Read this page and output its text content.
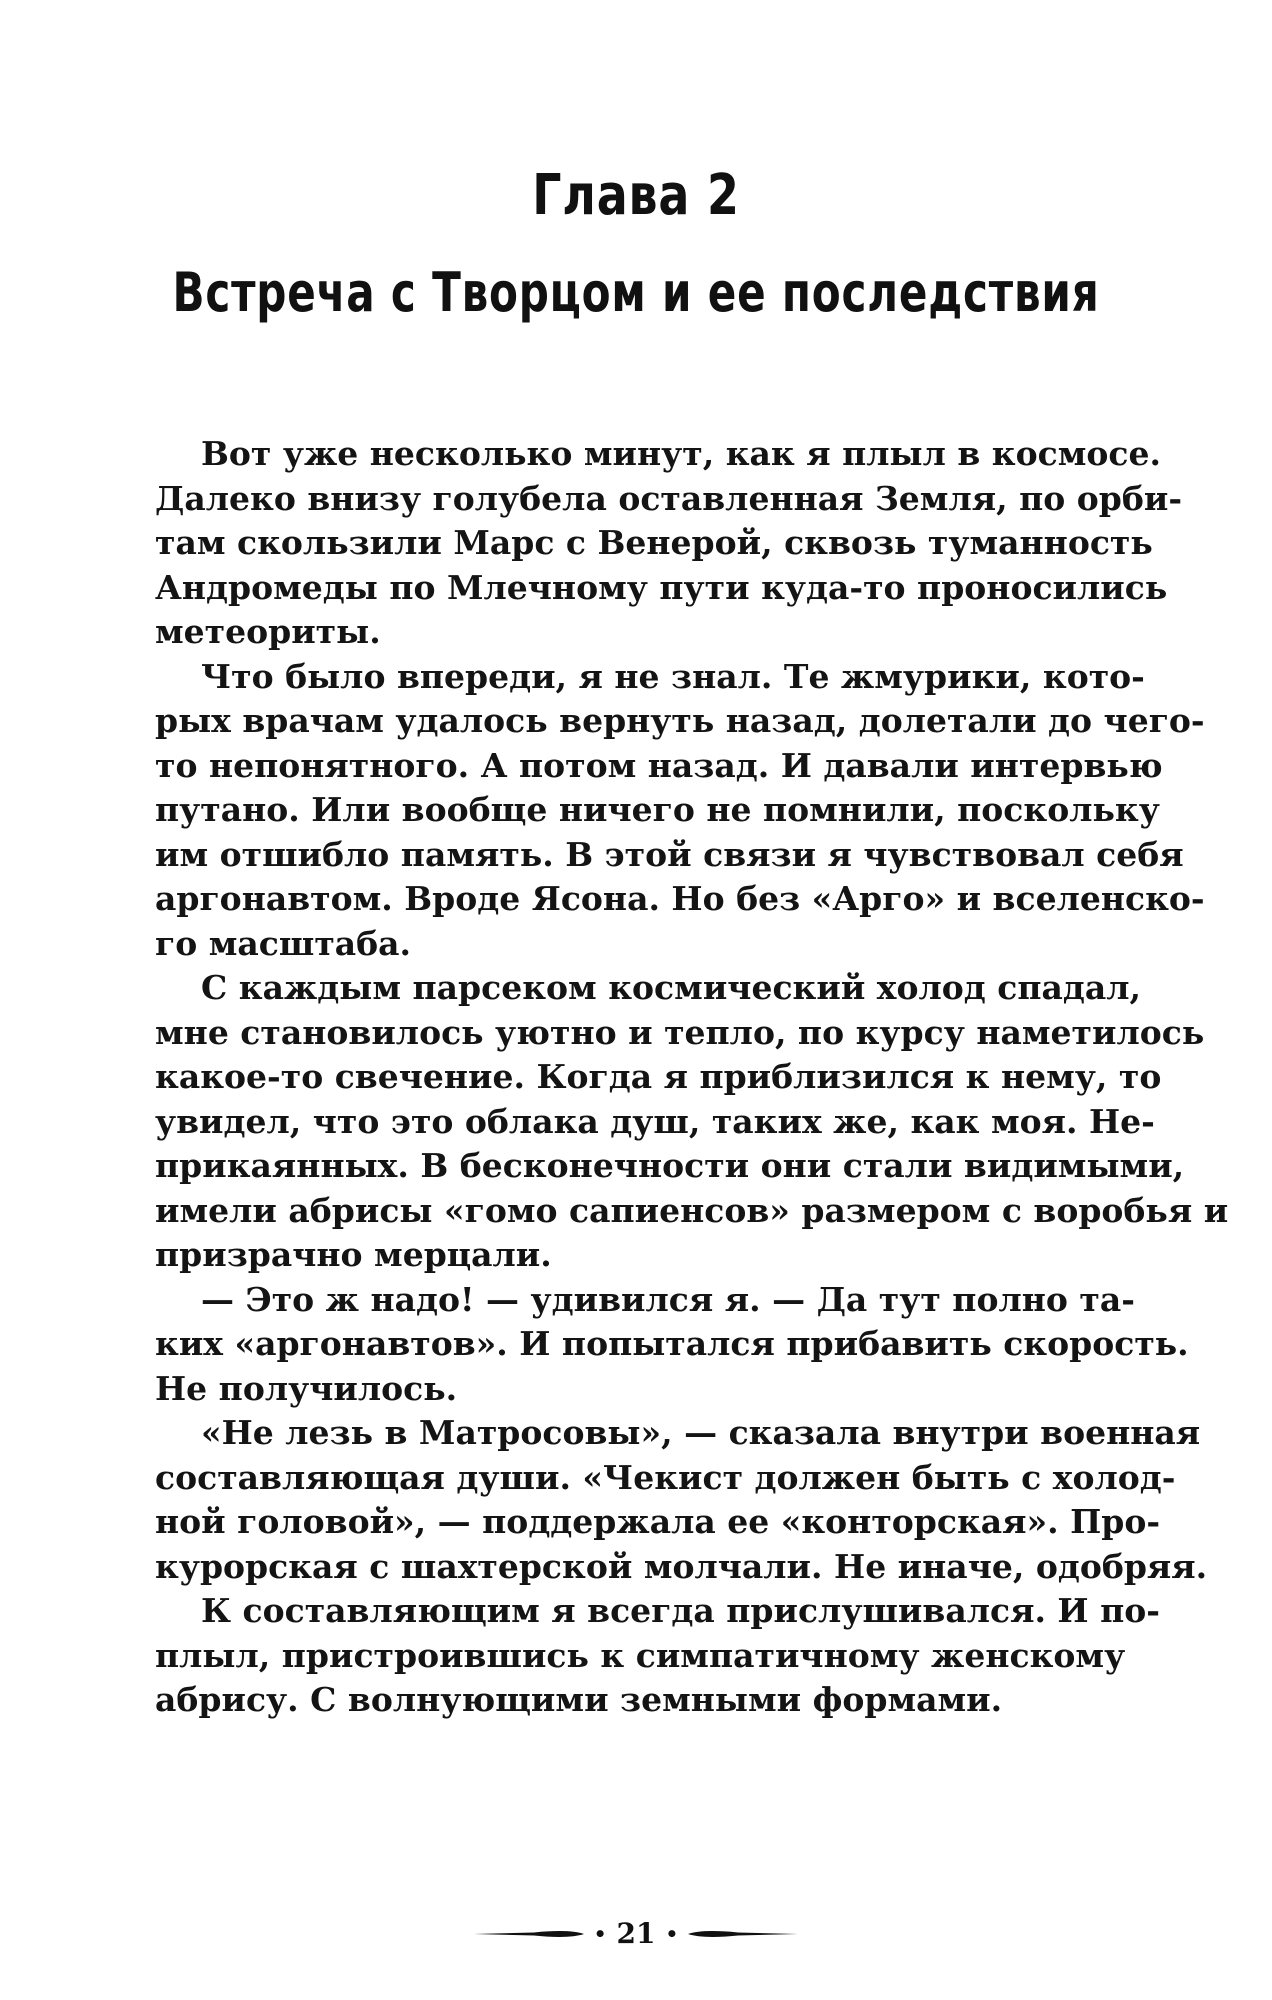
Глава 2
Встреча с Творцом и ее последствия
Вот уже несколько минут, как я плыл в космосе.
Далеко внизу голубела оставленная Земля, по орби-
там скользили Марс с Венерой, сквозь туманность
Андромеды по Млечному пути куда-то проносились
метеориты.
Что было впереди, я не знал. Те жмурики, кото-
рых врачам удалось вернуть назад, долетали до чего-
то непонятного. А потом назад. И давали интервью
путано. Или вообще ничего не помнили, поскольку
им отшибло память. В этой связи я чувствовал себя
аргонавтом. Вроде Ясона. Но без «Арго» и вселенско-
го масштаба.
С каждым парсеком космический холод спадал,
мне становилось уютно и тепло, по курсу наметилось
какое-то свечение. Когда я приблизился к нему, то
увидел, что это облака душ, таких же, как моя. Не-
прикаянных. В бесконечности они стали видимыми,
имели абрисы «гомо сапиенсов» размером с воробья и
призрачно мерцали.
— Это ж надо! — удивился я. — Да тут полно та-
ких «аргонавтов». И попытался прибавить скорость.
Не получилось.
«Не лезь в Матросовы», — сказала внутри военная
составляющая души. «Чекист должен быть с холод-
ной головой», — поддержала ее «конторская». Про-
курорская с шахтерской молчали. Не иначе, одобряя.
К составляющим я всегда прислушивался. И по-
плыл, пристроившись к симпатичному женскому
абрису. С волнующими земными формами.
• 21 •
